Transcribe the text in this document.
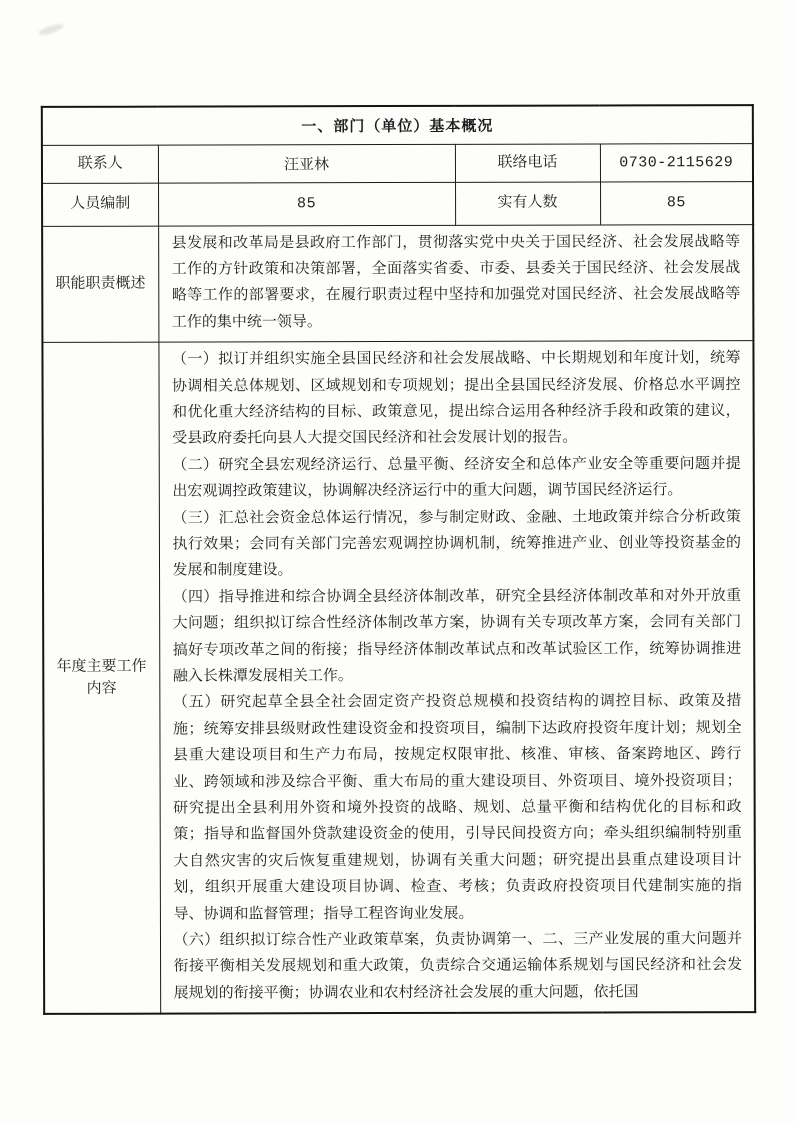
一、部门（单位）基本概况			
联系人	汪亚林	联络电话	0730-2115629
人员编制	85	实有人数	85
职能职责概述	县发展和改革局是县政府工作部门，贯彻落实党中央关于国民经济、社会发展战略等工作的方针政策和决策部署，全面落实省委、市委、县委关于国民经济、社会发展战略等工作的部署要求，在履行职责过程中坚持和加强党对国民经济、社会发展战略等工作的集中统一领导。		

年度主要工作内容	

（一）拟订并组织实施全县国民经济和社会发展战略、中长期规划和年度计划，统筹协调相关总体规划、区域规划和专项规划；提出全县国民经济发展、价格总水平调控和优化重大经济结构的目标、政策意见，提出综合运用各种经济手段和政策的建议，受县政府委托向县人大提交国民经济和社会发展计划的报告。

（二）研究全县宏观经济运行、总量平衡、经济安全和总体产业安全等重要问题并提出宏观调控政策建议，协调解决经济运行中的重大问题，调节国民经济运行。

（三）汇总社会资金总体运行情况，参与制定财政、金融、土地政策并综合分析政策执行效果；会同有关部门完善宏观调控协调机制，统筹推进产业、创业等投资基金的发展和制度建设。

（四）指导推进和综合协调全县经济体制改革，研究全县经济体制改革和对外开放重大问题；组织拟订综合性经济体制改革方案，协调有关专项改革方案，会同有关部门搞好专项改革之间的衔接；指导经济体制改革试点和改革试验区工作，统筹协调推进融入长株潭发展相关工作。

（五）研究起草全县全社会固定资产投资总规模和投资结构的调控目标、政策及措施；统筹安排县级财政性建设资金和投资项目，编制下达政府投资年度计划；规划全县重大建设项目和生产力布局，按规定权限审批、核准、审核、备案跨地区、跨行业、跨领域和涉及综合平衡、重大布局的重大建设项目、外资项目、境外投资项目；研究提出全县利用外资和境外投资的战略、规划、总量平衡和结构优化的目标和政策；指导和监督国外贷款建设资金的使用，引导民间投资方向；牵头组织编制特别重大自然灾害的灾后恢复重建规划，协调有关重大问题；研究提出县重点建设项目计划，组织开展重大建设项目协调、检查、考核；负责政府投资项目代建制实施的指导、协调和监督管理；指导工程咨询业发展。

（六）组织拟订综合性产业政策草案，负责协调第一、二、三产业发展的重大问题并衔接平衡相关发展规划和重大政策，负责综合交通运输体系规划与国民经济和社会发展规划的衔接平衡；协调农业和农村经济社会发展的重大问题，依托国
